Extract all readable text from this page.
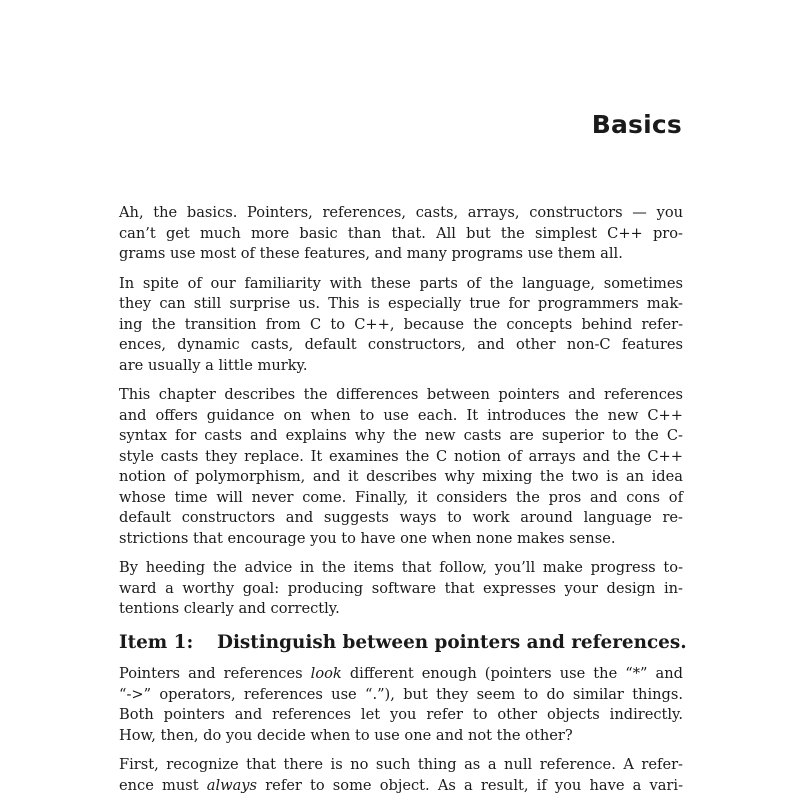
Basics

Ah, the basics. Pointers, references, casts, arrays, constructors — you
can’t get much more basic than that. All but the simplest C++ pro-
grams use most of these features, and many programs use them all.

In spite of our familiarity with these parts of the language, sometimes
they can still surprise us. This is especially true for programmers mak-
ing the transition from C to C++, because the concepts behind refer-
ences, dynamic casts, default constructors, and other non-C features
are usually a little murky.

This chapter describes the differences between pointers and references
and offers guidance on when to use each. It introduces the new C++
syntax for casts and explains why the new casts are superior to the C-
style casts they replace. It examines the C notion of arrays and the C++
notion of polymorphism, and it describes why mixing the two is an idea
whose time will never come. Finally, it considers the pros and cons of
default constructors and suggests ways to work around language re-
strictions that encourage you to have one when none makes sense.

By heeding the advice in the items that follow, you’ll make progress to-
ward a worthy goal: producing software that expresses your design in-
tentions clearly and correctly.

Item 1: Distinguish between pointers and references.

Pointers and references look different enough (pointers use the “*” and
“->” operators, references use “.”), but they seem to do similar things.
Both pointers and references let you refer to other objects indirectly.
How, then, do you decide when to use one and not the other?

First, recognize that there is no such thing as a null reference. A refer-
ence must always refer to some object. As a result, if you have a vari-
